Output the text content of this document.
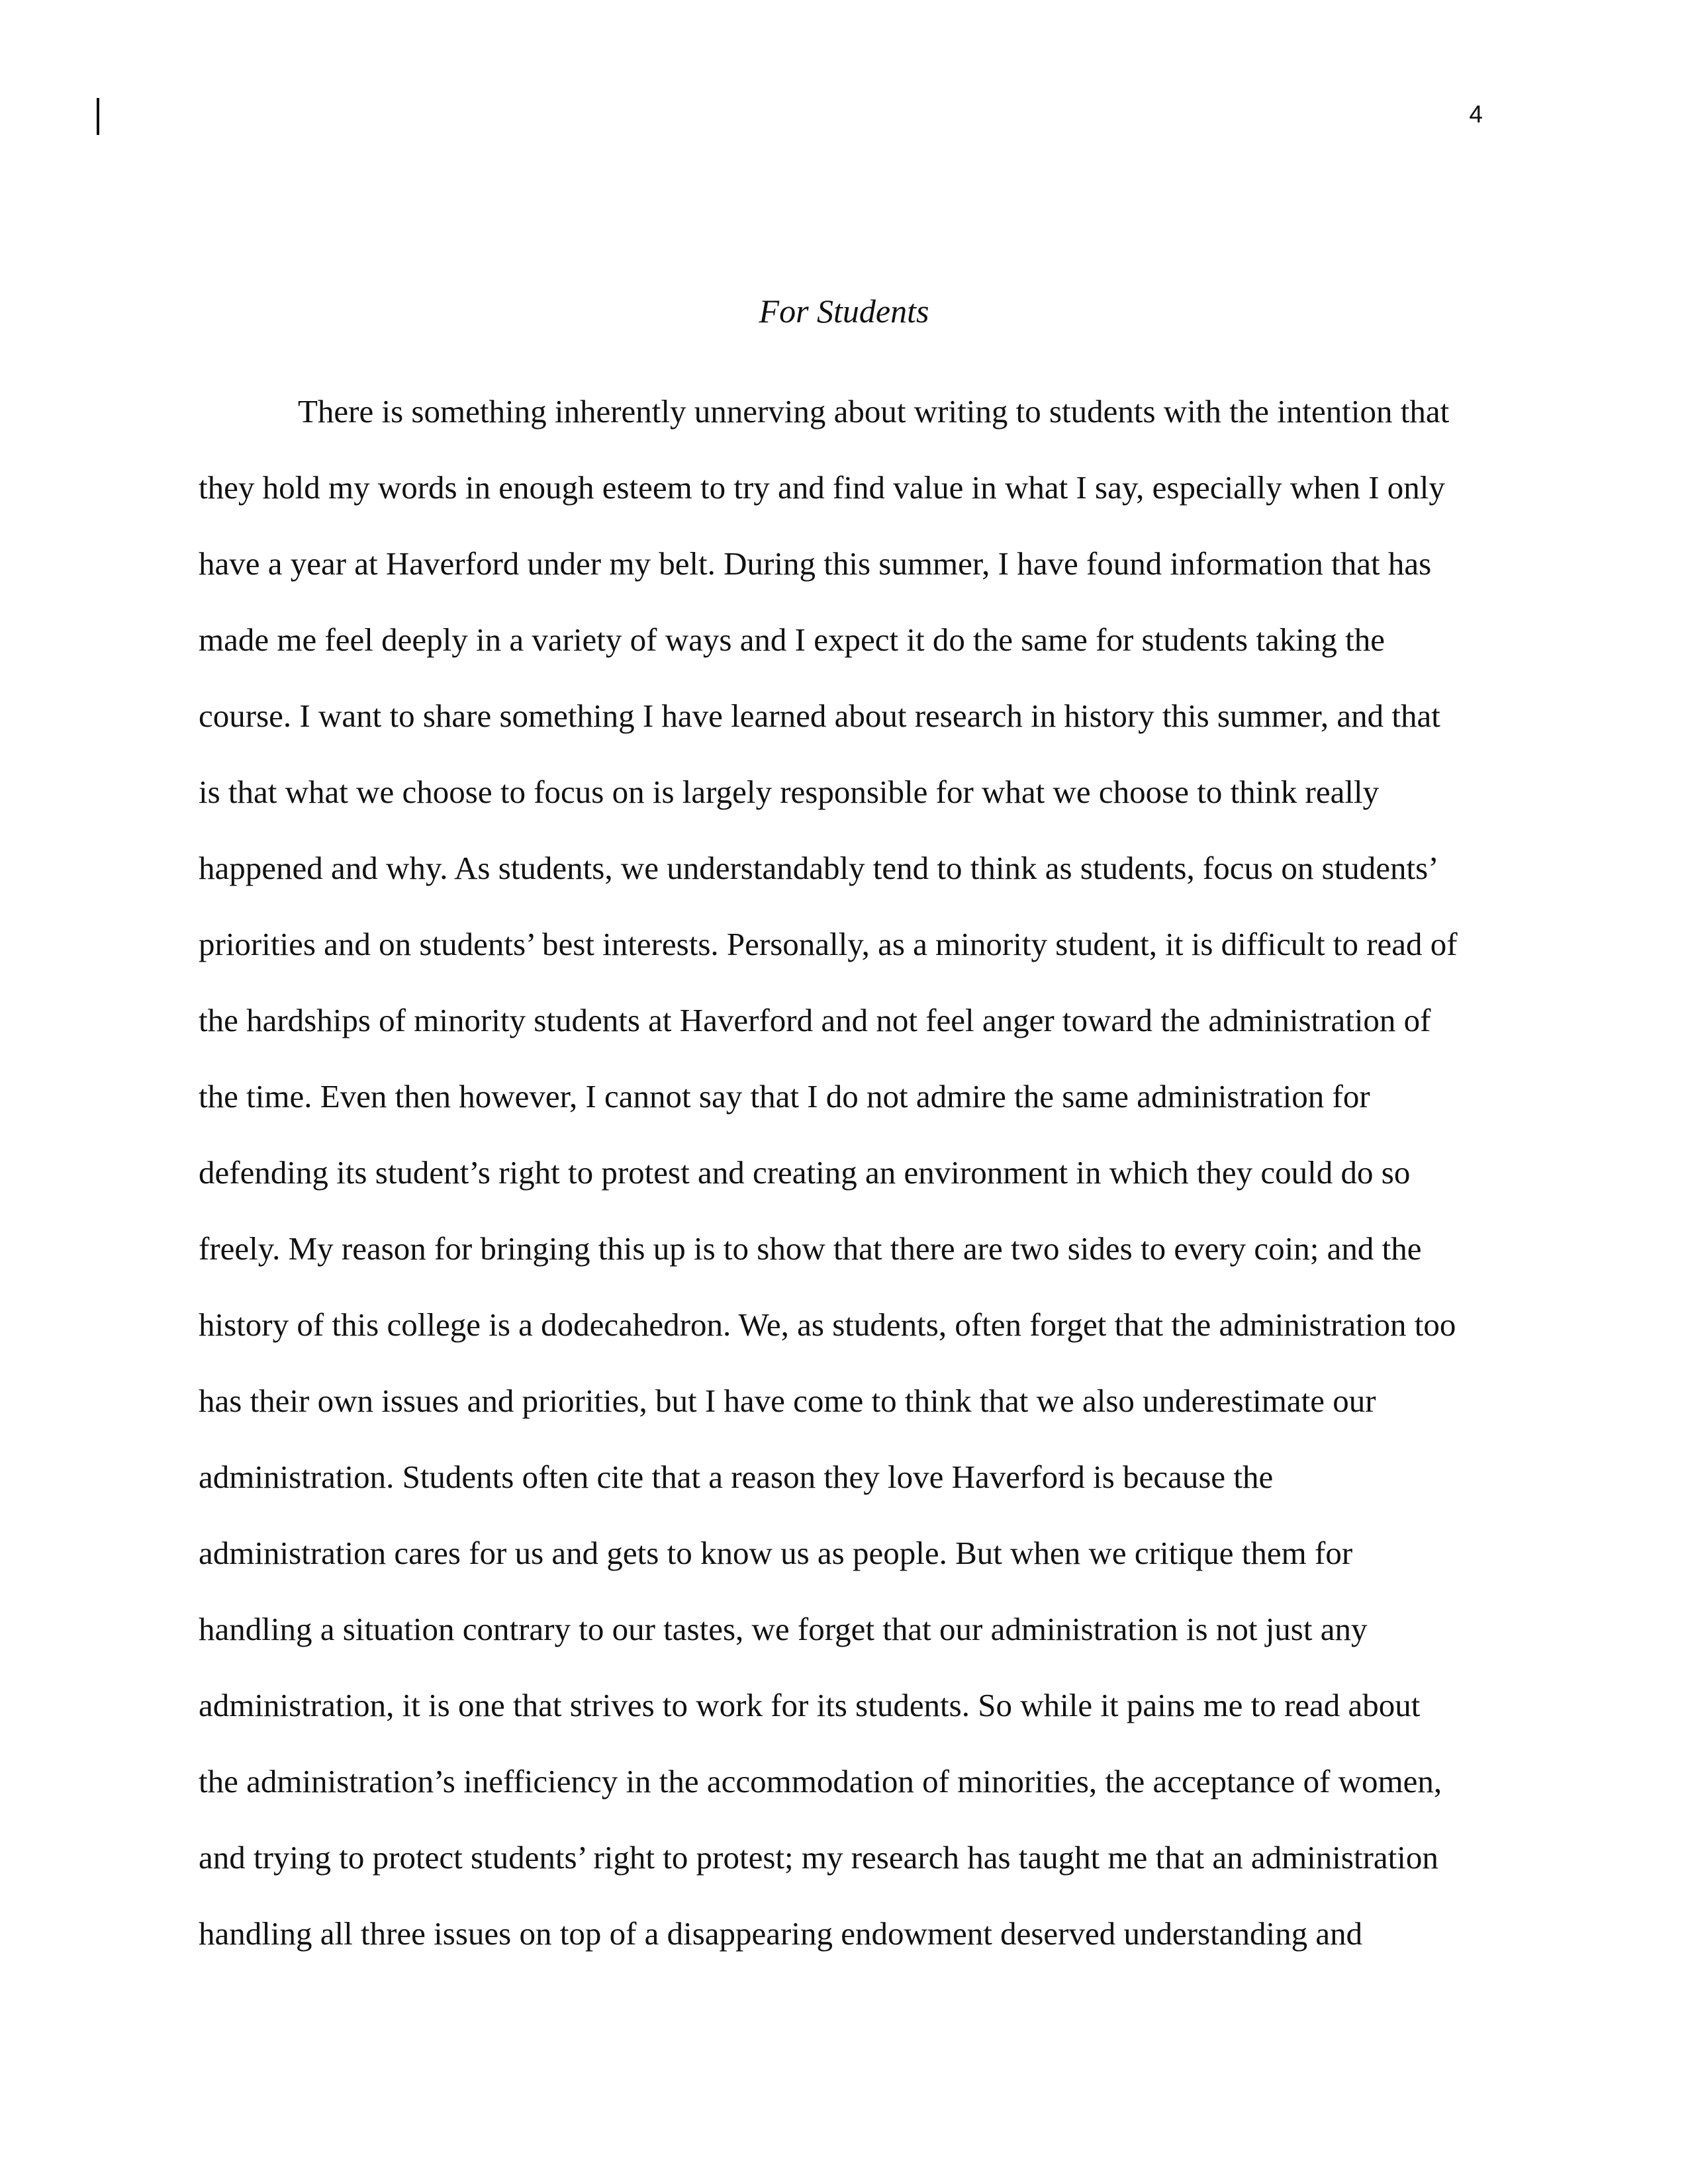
4
For Students
There is something inherently unnerving about writing to students with the intention that
they hold my words in enough esteem to try and find value in what I say, especially when I only
have a year at Haverford under my belt. During this summer, I have found information that has
made me feel deeply in a variety of ways and I expect it do the same for students taking the
course. I want to share something I have learned about research in history this summer, and that
is that what we choose to focus on is largely responsible for what we choose to think really
happened and why. As students, we understandably tend to think as students, focus on students’
priorities and on students’ best interests. Personally, as a minority student, it is difficult to read of
the hardships of minority students at Haverford and not feel anger toward the administration of
the time. Even then however, I cannot say that I do not admire the same administration for
defending its student’s right to protest and creating an environment in which they could do so
freely. My reason for bringing this up is to show that there are two sides to every coin; and the
history of this college is a dodecahedron. We, as students, often forget that the administration too
has their own issues and priorities, but I have come to think that we also underestimate our
administration. Students often cite that a reason they love Haverford is because the
administration cares for us and gets to know us as people. But when we critique them for
handling a situation contrary to our tastes, we forget that our administration is not just any
administration, it is one that strives to work for its students. So while it pains me to read about
the administration’s inefficiency in the accommodation of minorities, the acceptance of women,
and trying to protect students’ right to protest; my research has taught me that an administration
handling all three issues on top of a disappearing endowment deserved understanding and
